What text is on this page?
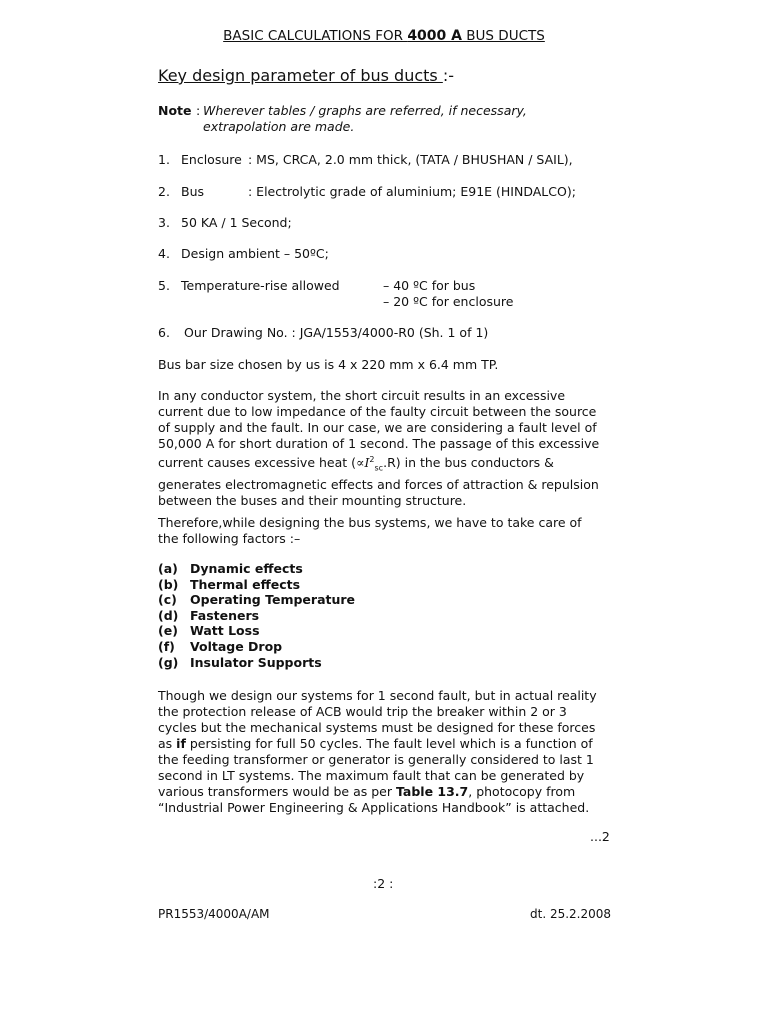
BASIC CALCULATIONS FOR 4000 A BUS DUCTS
Key design parameter of bus ducts :-
Note : Wherever tables / graphs are referred, if necessary, extrapolation are made.
1. Enclosure : MS, CRCA, 2.0 mm thick, (TATA / BHUSHAN / SAIL),
2. Bus	: Electrolytic grade of aluminium; E91E (HINDALCO);
3. 50 KA / 1 Second;
4. Design ambient – 50ºC;
5. Temperature-rise allowed	– 40 ºC for bus
– 20 ºC for enclosure
6. Our Drawing No. : JGA/1553/4000-R0 (Sh. 1 of 1)
Bus bar size chosen by us is 4 x 220 mm x 6.4 mm TP.
In any conductor system, the short circuit results in an excessive
current due to low impedance of the faulty circuit between the source
of supply and the fault. In our case, we are considering a fault level of
50,000 A for short duration of 1 second. The passage of this excessive
current causes excessive heat $(\propto I^2_{sc}.R)$ in the bus conductors &
generates electromagnetic effects and forces of attraction & repulsion
between the buses and their mounting structure.
Therefore,while designing the bus systems, we have to take care of
the following factors :–
(a) Dynamic effects
(b) Thermal effects
(c) Operating Temperature
(d) Fasteners
(e) Watt Loss
(f) Voltage Drop
(g) Insulator Supports
Though we design our systems for 1 second fault, but in actual reality
the protection release of ACB would trip the breaker within 2 or 3
cycles but the mechanical systems must be designed for these forces
as if persisting for full 50 cycles. The fault level which is a function of
the feeding transformer or generator is generally considered to last 1
second in LT systems. The maximum fault that can be generated by
various transformers would be as per Table 13.7, photocopy from
“Industrial Power Engineering & Applications Handbook” is attached.
...2
:2 :
PR1553/4000A/AM	dt. 25.2.2008
